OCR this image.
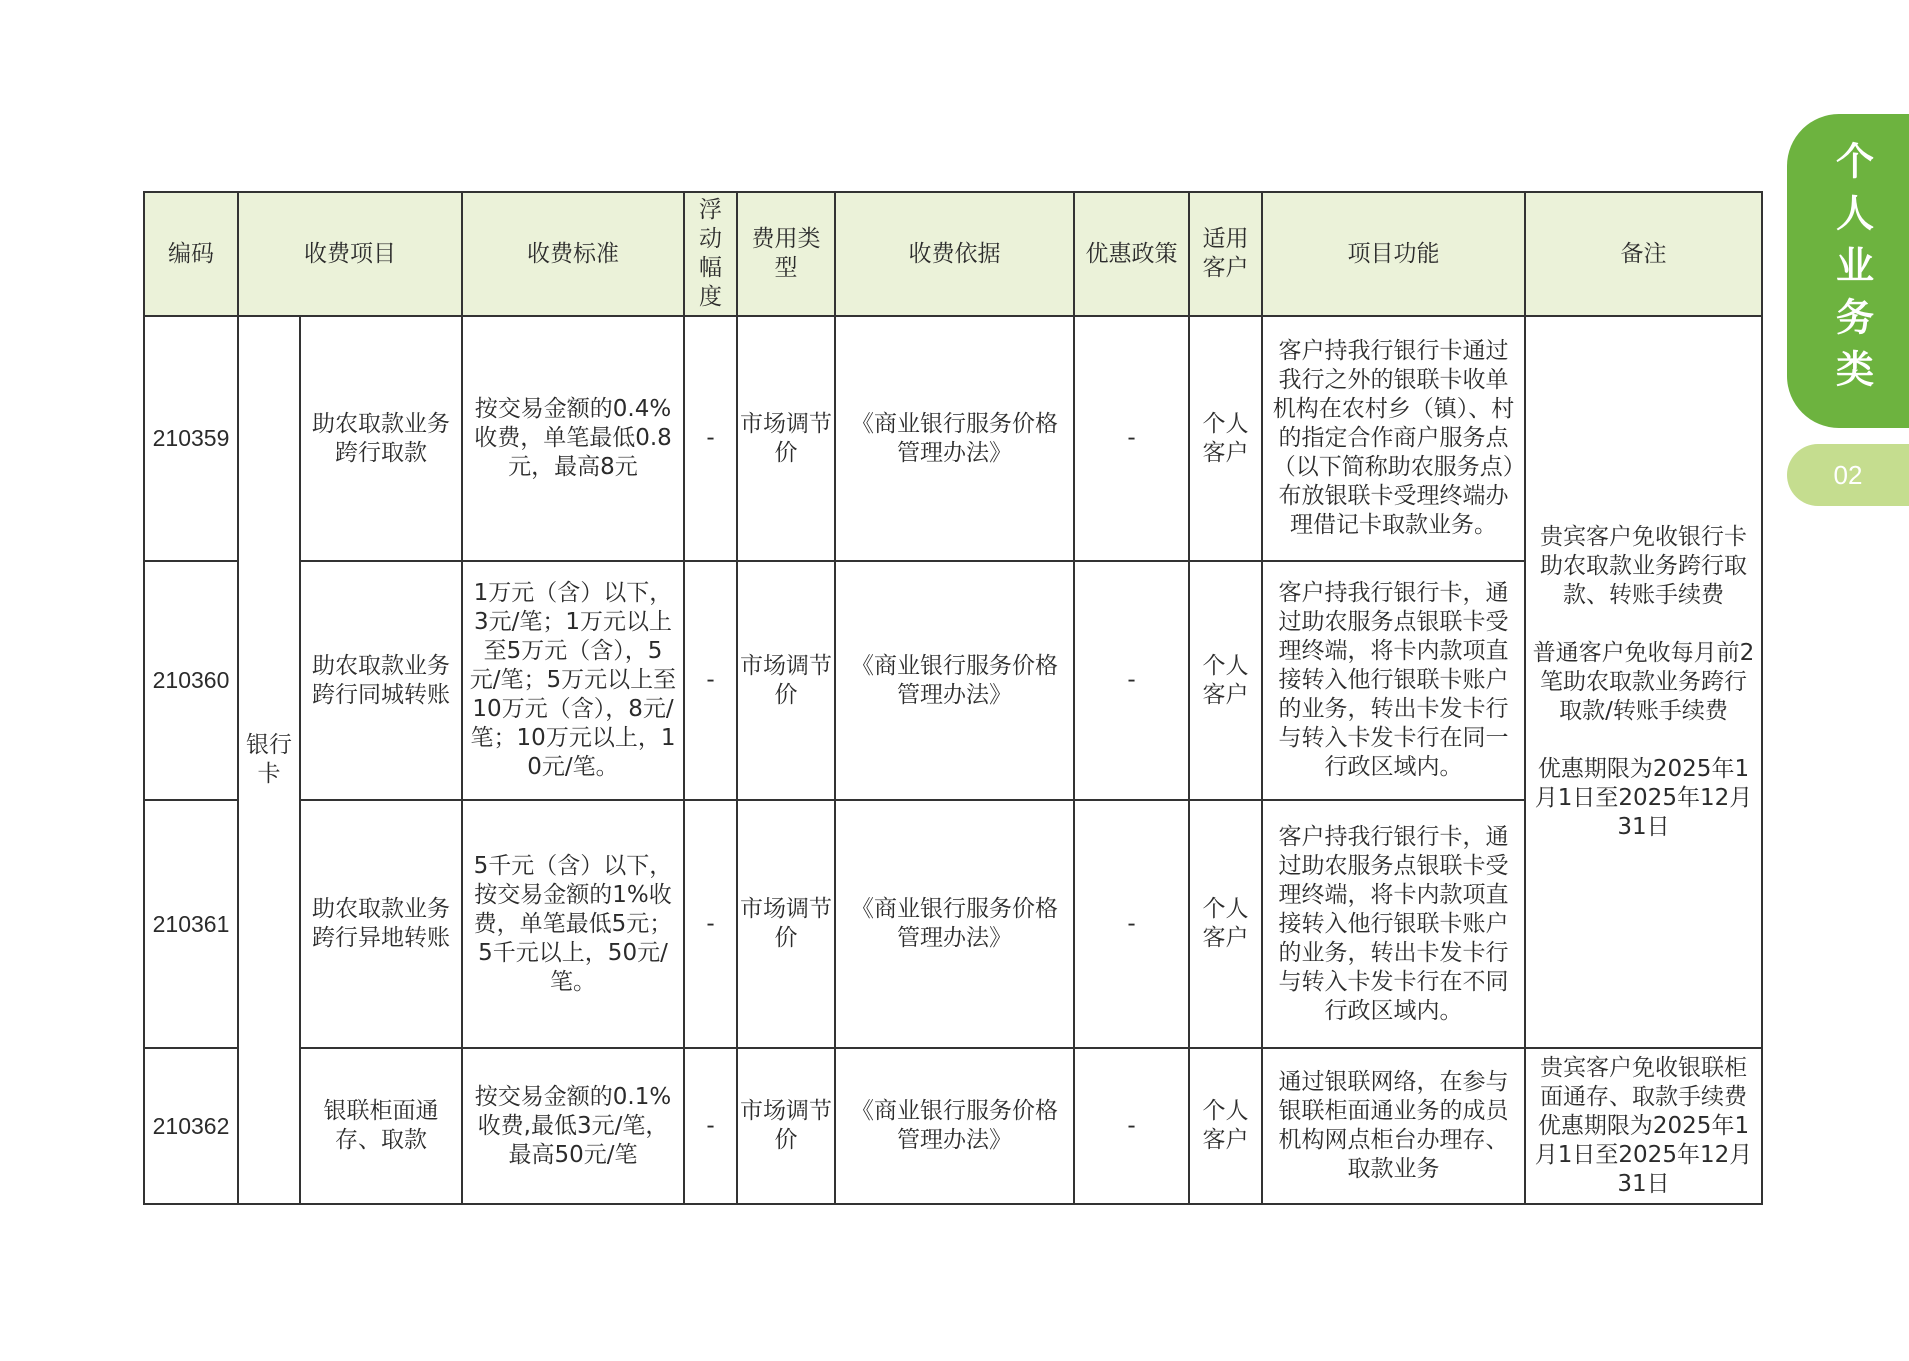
个人业务类
02
编码	收费项目		收费标准	浮动幅度	费用类型	收费依据	优惠政策	适用客户	项目功能	备注
210359	银行卡	助农取款业务跨行取款	按交易金额的0.4%收费，单笔最低0.8元，最高8元	-	市场调节价	《商业银行服务价格管理办法》	-	个人客户	客户持我行银行卡通过我行之外的银联卡收单机构在农村乡（镇）、村的指定合作商户服务点（以下简称助农服务点）布放银联卡受理终端办理借记卡取款业务。	贵宾客户免收银行卡助农取款业务跨行取款、转账手续费

普通客户免收每月前2笔助农取款业务跨行取款/转账手续费

优惠期限为2025年1月1日至2025年12月31日
210360		助农取款业务跨行同城转账	1万元（含）以下，3元/笔；1万元以上至5万元（含），5元/笔；5万元以上至10万元（含），8元/笔；10万元以上，10元/笔。	-	市场调节价	《商业银行服务价格管理办法》	-	个人客户	客户持我行银行卡，通过助农服务点银联卡受理终端，将卡内款项直接转入他行银联卡账户的业务，转出卡发卡行与转入卡发卡行在同一行政区域内。	
210361		助农取款业务跨行异地转账	5千元（含）以下，按交易金额的1%收费，单笔最低5元；5千元以上，50元/笔。	-	市场调节价	《商业银行服务价格管理办法》	-	个人客户	客户持我行银行卡，通过助农服务点银联卡受理终端，将卡内款项直接转入他行银联卡账户的业务，转出卡发卡行与转入卡发卡行在不同行政区域内。	
210362		银联柜面通存、取款	按交易金额的0.1%收费,最低3元/笔，最高50元/笔	-	市场调节价	《商业银行服务价格管理办法》	-	个人客户	通过银联网络，在参与银联柜面通业务的成员机构网点柜台办理存、取款业务	贵宾客户免收银联柜面通存、取款手续费
优惠期限为2025年1月1日至2025年12月31日
